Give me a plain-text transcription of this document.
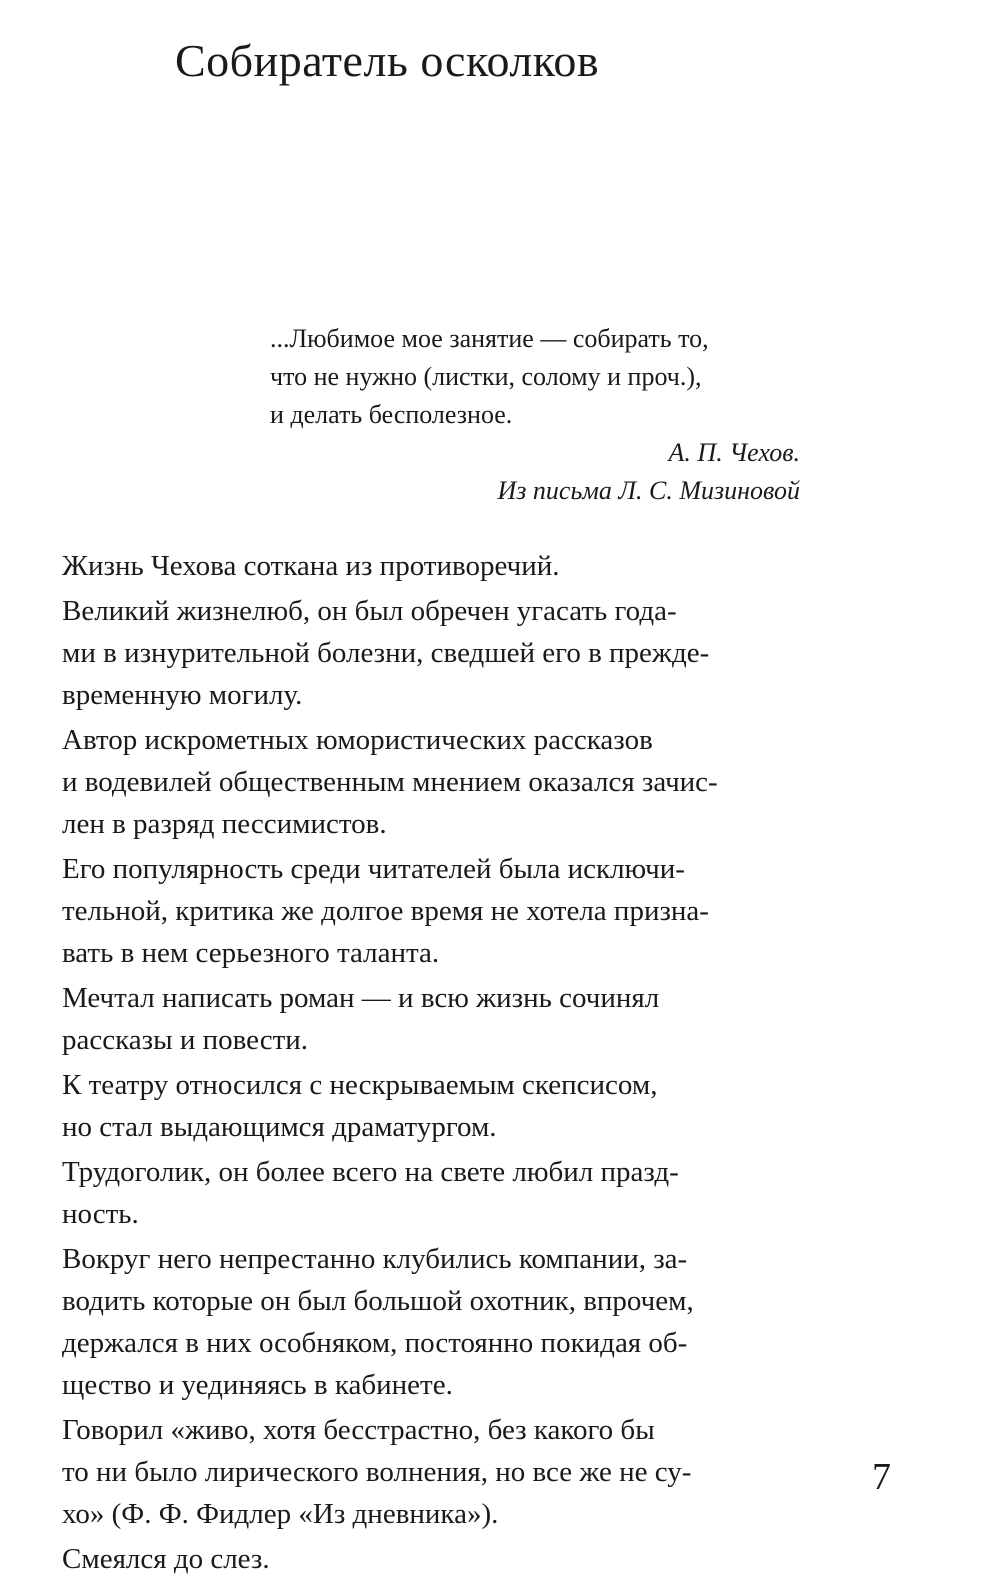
Собиратель осколков
...Любимое мое занятие — собирать то,
что не нужно (листки, солому и проч.),
и делать бесполезное.
А. П. Чехов.
Из письма Л. С. Мизиновой

Жизнь Чехова соткана из противоречий.

Великий жизнелюб, он был обречен угасать года-
ми в изнурительной болезни, сведшей его в прежде-
временную могилу.

Автор искрометных юмористических рассказов
и водевилей общественным мнением оказался зачис-
лен в разряд пессимистов.

Его популярность среди читателей была исключи-
тельной, критика же долгое время не хотела призна-
вать в нем серьезного таланта.

Мечтал написать роман — и всю жизнь сочинял
рассказы и повести.

К театру относился с нескрываемым скепсисом,
но стал выдающимся драматургом.

Трудоголик, он более всего на свете любил празд-
ность.

Вокруг него непрестанно клубились компании, за-
водить которые он был большой охотник, впрочем,
держался в них особняком, постоянно покидая об-
щество и уединяясь в кабинете.

Говорил «живо, хотя бесстрастно, без какого бы
то ни было лирического волнения, но все же не су-
хо» (Ф. Ф. Фидлер «Из дневника»).

Смеялся до слез.

7
